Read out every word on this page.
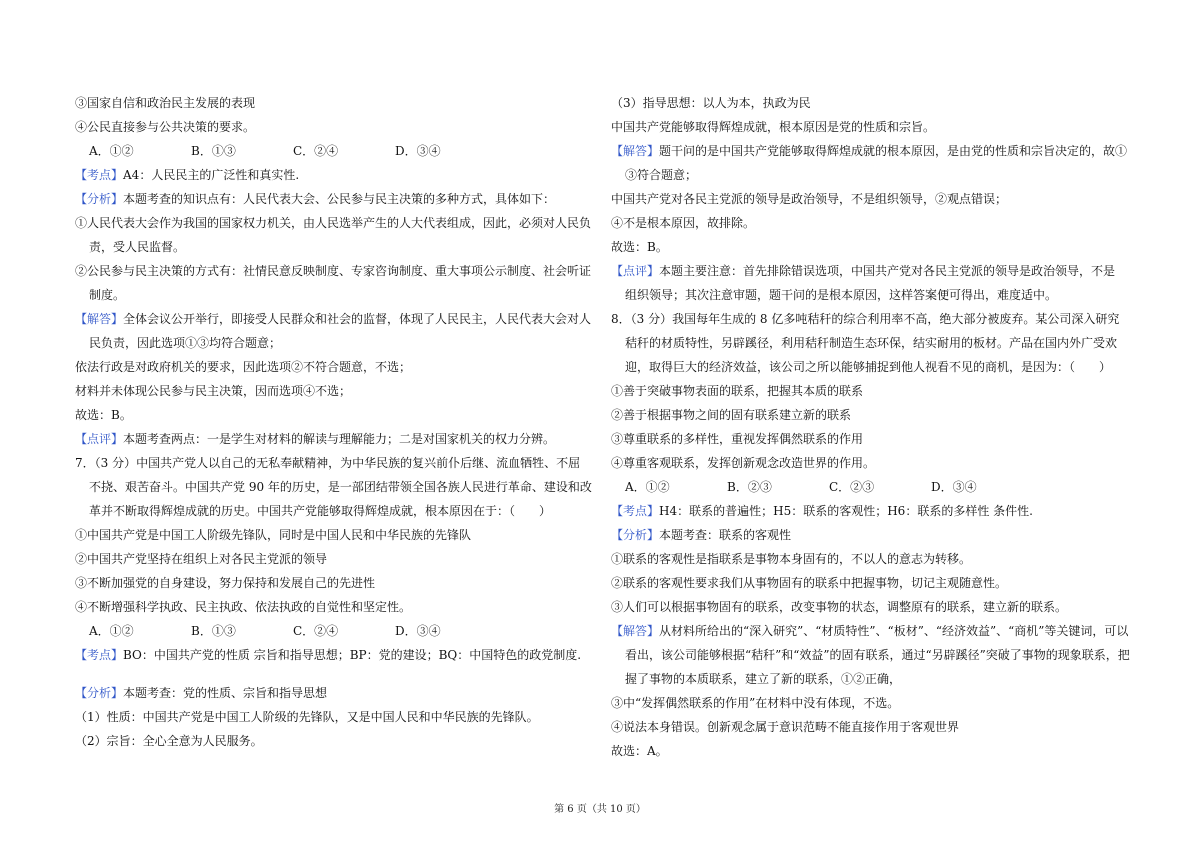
③国家自信和政治民主发展的表现
④公民直接参与公共决策的要求。
A．①②	B．①③	C．②④	D．③④
【考点】A4：人民民主的广泛性和真实性.
【分析】本题考查的知识点有：人民代表大会、公民参与民主决策的多种方式，具体如下：
①人民代表大会作为我国的国家权力机关，由人民选举产生的人大代表组成，因此，必须对人民负
责，受人民监督。
②公民参与民主决策的方式有：社情民意反映制度、专家咨询制度、重大事项公示制度、社会听证
制度。
【解答】全体会议公开举行，即接受人民群众和社会的监督，体现了人民民主，人民代表大会对人
民负责，因此选项①③均符合题意；
依法行政是对政府机关的要求，因此选项②不符合题意，不选；
材料并未体现公民参与民主决策，因而选项④不选；
故选：B。
【点评】本题考查两点：一是学生对材料的解读与理解能力；二是对国家机关的权力分辨。
7．（3 分）中国共产党人以自己的无私奉献精神，为中华民族的复兴前仆后继、流血牺牲、不屈
不挠、艰苦奋斗。中国共产党 90 年的历史，是一部团结带领全国各族人民进行革命、建设和改
革并不断取得辉煌成就的历史。中国共产党能够取得辉煌成就，根本原因在于：（　　）
①中国共产党是中国工人阶级先锋队，同时是中国人民和中华民族的先锋队
②中国共产党坚持在组织上对各民主党派的领导
③不断加强党的自身建设，努力保持和发展自己的先进性
④不断增强科学执政、民主执政、依法执政的自觉性和坚定性。
A．①②	B．①③	C．②④	D．③④
【考点】BO：中国共产党的性质 宗旨和指导思想；BP：党的建设；BQ：中国特色的政党制度.
【分析】本题考查：党的性质、宗旨和指导思想
（1）性质：中国共产党是中国工人阶级的先锋队，又是中国人民和中华民族的先锋队。
（2）宗旨：全心全意为人民服务。
（3）指导思想：以人为本，执政为民
中国共产党能够取得辉煌成就，根本原因是党的性质和宗旨。
【解答】题干问的是中国共产党能够取得辉煌成就的根本原因，是由党的性质和宗旨决定的，故①
③符合题意；
中国共产党对各民主党派的领导是政治领导，不是组织领导，②观点错误；
④不是根本原因，故排除。
故选：B。
【点评】本题主要注意：首先排除错误选项，中国共产党对各民主党派的领导是政治领导，不是
组织领导；其次注意审题，题干问的是根本原因，这样答案便可得出，难度适中。
8．（3 分）我国每年生成的 8 亿多吨秸秆的综合利用率不高，绝大部分被废弃。某公司深入研究
秸秆的材质特性，另辟蹊径，利用秸秆制造生态环保，结实耐用的板材。产品在国内外广受欢
迎，取得巨大的经济效益，该公司之所以能够捕捉到他人视看不见的商机，是因为：（　　）
①善于突破事物表面的联系，把握其本质的联系
②善于根据事物之间的固有联系建立新的联系
③尊重联系的多样性，重视发挥偶然联系的作用
④尊重客观联系，发挥创新观念改造世界的作用。
A．①②	B．②③	C．②③	D．③④
【考点】H4：联系的普遍性；H5：联系的客观性；H6：联系的多样性 条件性.
【分析】本题考查：联系的客观性
①联系的客观性是指联系是事物本身固有的，不以人的意志为转移。
②联系的客观性要求我们从事物固有的联系中把握事物，切记主观随意性。
③人们可以根据事物固有的联系，改变事物的状态，调整原有的联系，建立新的联系。
【解答】从材料所给出的“深入研究”、“材质特性”、“板材”、“经济效益”、“商机”等关键词，可以
看出，该公司能够根据“秸秆”和“效益”的固有联系，通过“另辟蹊径”突破了事物的现象联系，把
握了事物的本质联系，建立了新的联系，①②正确，
③中“发挥偶然联系的作用”在材料中没有体现，不选。
④说法本身错误。创新观念属于意识范畴不能直接作用于客观世界
故选：A。
第 6 页（共 10 页）
